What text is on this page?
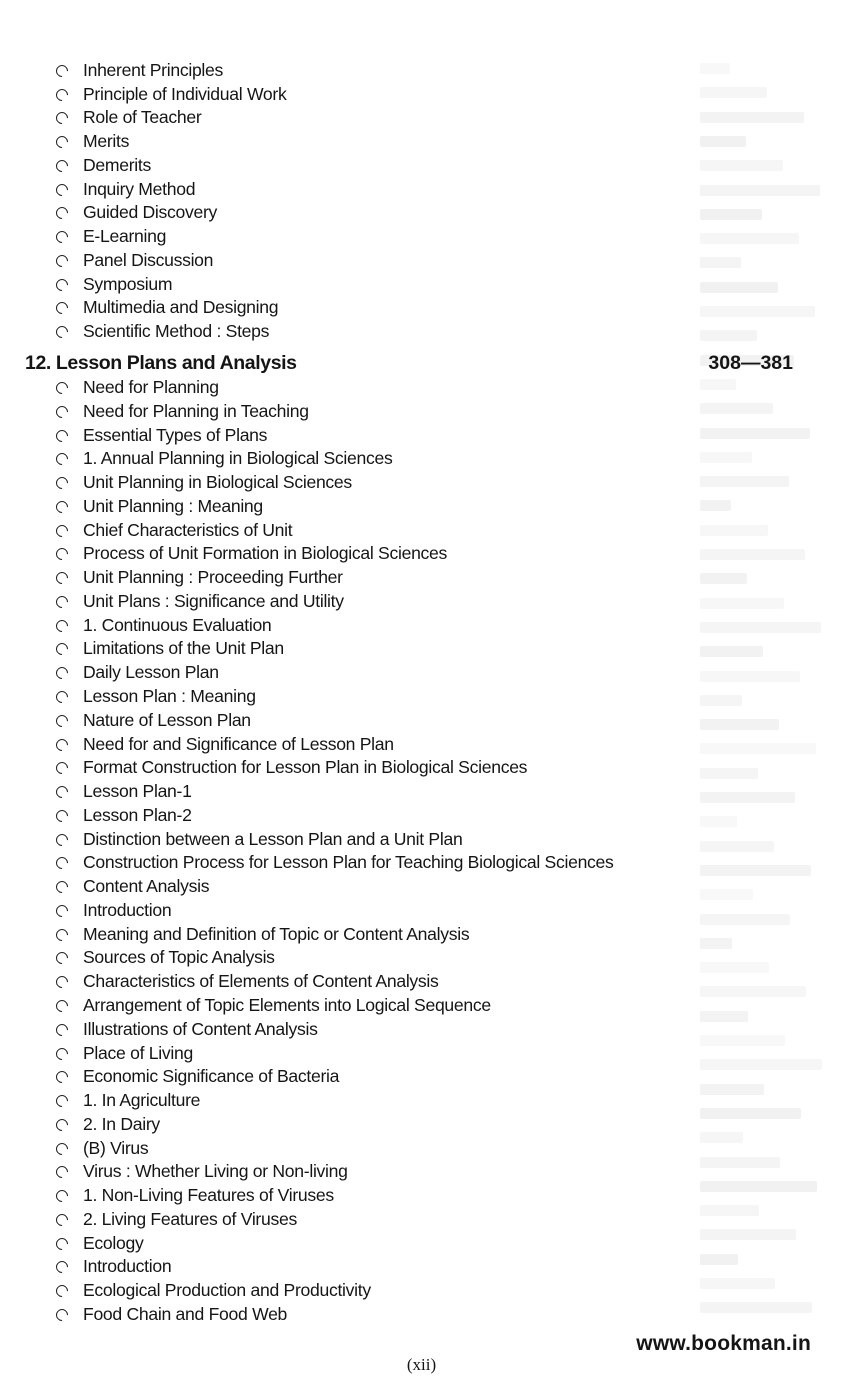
Inherent Principles
Principle of Individual Work
Role of Teacher
Merits
Demerits
Inquiry Method
Guided Discovery
E-Learning
Panel Discussion
Symposium
Multimedia and Designing
Scientific Method : Steps
12. Lesson Plans and Analysis	308—381
Need for Planning
Need for Planning in Teaching
Essential Types of Plans
1. Annual Planning in Biological Sciences
Unit Planning in Biological Sciences
Unit Planning : Meaning
Chief Characteristics of Unit
Process of Unit Formation in Biological Sciences
Unit Planning : Proceeding Further
Unit Plans : Significance and Utility
1. Continuous Evaluation
Limitations of the Unit Plan
Daily Lesson Plan
Lesson Plan : Meaning
Nature of Lesson Plan
Need for and Significance of Lesson Plan
Format Construction for Lesson Plan in Biological Sciences
Lesson Plan-1
Lesson Plan-2
Distinction between a Lesson Plan and a Unit Plan
Construction Process for Lesson Plan for Teaching Biological Sciences
Content Analysis
Introduction
Meaning and Definition of Topic or Content Analysis
Sources of Topic Analysis
Characteristics of Elements of Content Analysis
Arrangement of Topic Elements into Logical Sequence
Illustrations of Content Analysis
Place of Living
Economic Significance of Bacteria
1. In Agriculture
2. In Dairy
(B) Virus
Virus : Whether Living or Non-living
1. Non-Living Features of Viruses
2. Living Features of Viruses
Ecology
Introduction
Ecological Production and Productivity
Food Chain and Food Web
www.bookman.in
(xii)
